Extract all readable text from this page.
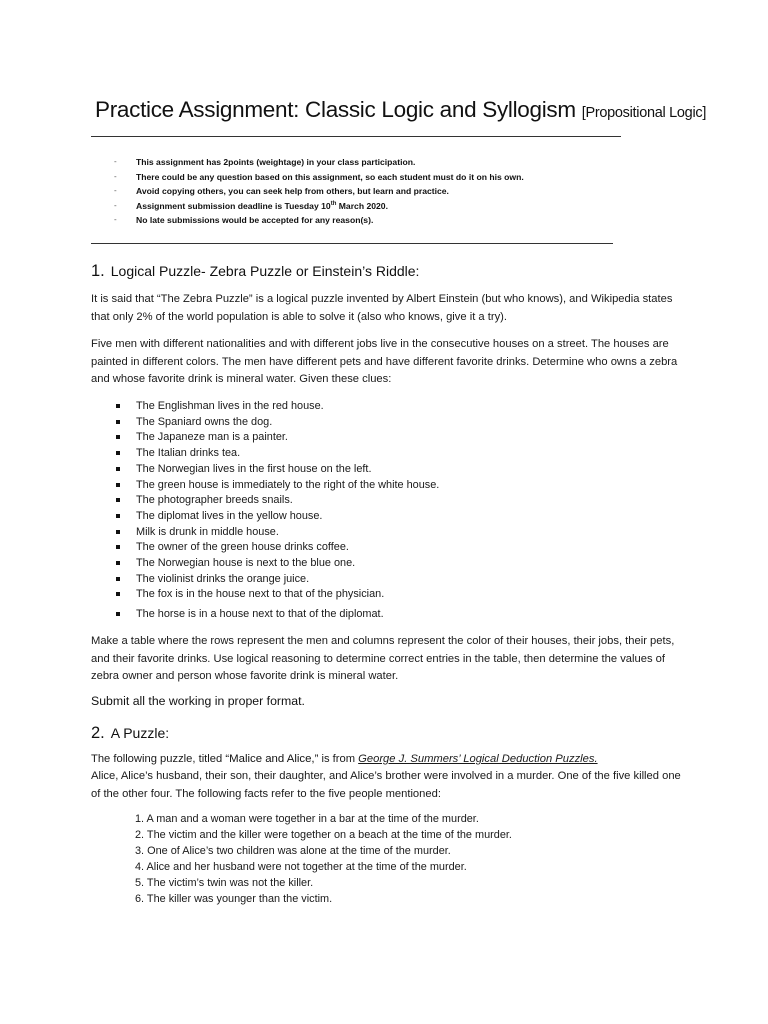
Practice Assignment: Classic Logic and Syllogism [Propositional Logic]
- This assignment has 2points (weightage) in your class participation.
- There could be any question based on this assignment, so each student must do it on his own.
- Avoid copying others, you can seek help from others, but learn and practice.
- Assignment submission deadline is Tuesday 10th March 2020.
- No late submissions would be accepted for any reason(s).
1. Logical Puzzle- Zebra Puzzle or Einstein’s Riddle:

It is said that “The Zebra Puzzle” is a logical puzzle invented by Albert Einstein (but who knows), and Wikipedia states that only 2% of the world population is able to solve it (also who knows, give it a try).

Five men with different nationalities and with different jobs live in the consecutive houses on a street. The houses are painted in different colors. The men have different pets and have different favorite drinks. Determine who owns a zebra and whose favorite drink is mineral water. Given these clues:

The Englishman lives in the red house.
The Spaniard owns the dog.
The Japaneze man is a painter.
The Italian drinks tea.
The Norwegian lives in the first house on the left.
The green house is immediately to the right of the white house.
The photographer breeds snails.
The diplomat lives in the yellow house.
Milk is drunk in middle house.
The owner of the green house drinks coffee.
The Norwegian house is next to the blue one.
The violinist drinks the orange juice.
The fox is in the house next to that of the physician.
The horse is in a house next to that of the diplomat.

Make a table where the rows represent the men and columns represent the color of their houses, their jobs, their pets, and their favorite drinks. Use logical reasoning to determine correct entries in the table, then determine the values of zebra owner and person whose favorite drink is mineral water.

Submit all the working in proper format.
2. A Puzzle:

The following puzzle, titled “Malice and Alice,” is from George J. Summers’ Logical Deduction Puzzles.

Alice, Alice’s husband, their son, their daughter, and Alice’s brother were involved in a murder. One of the five killed one of the other four. The following facts refer to the five people mentioned:

1. A man and a woman were together in a bar at the time of the murder.
2. The victim and the killer were together on a beach at the time of the murder.
3. One of Alice’s two children was alone at the time of the murder.
4. Alice and her husband were not together at the time of the murder.
5. The victim’s twin was not the killer.
6. The killer was younger than the victim.
